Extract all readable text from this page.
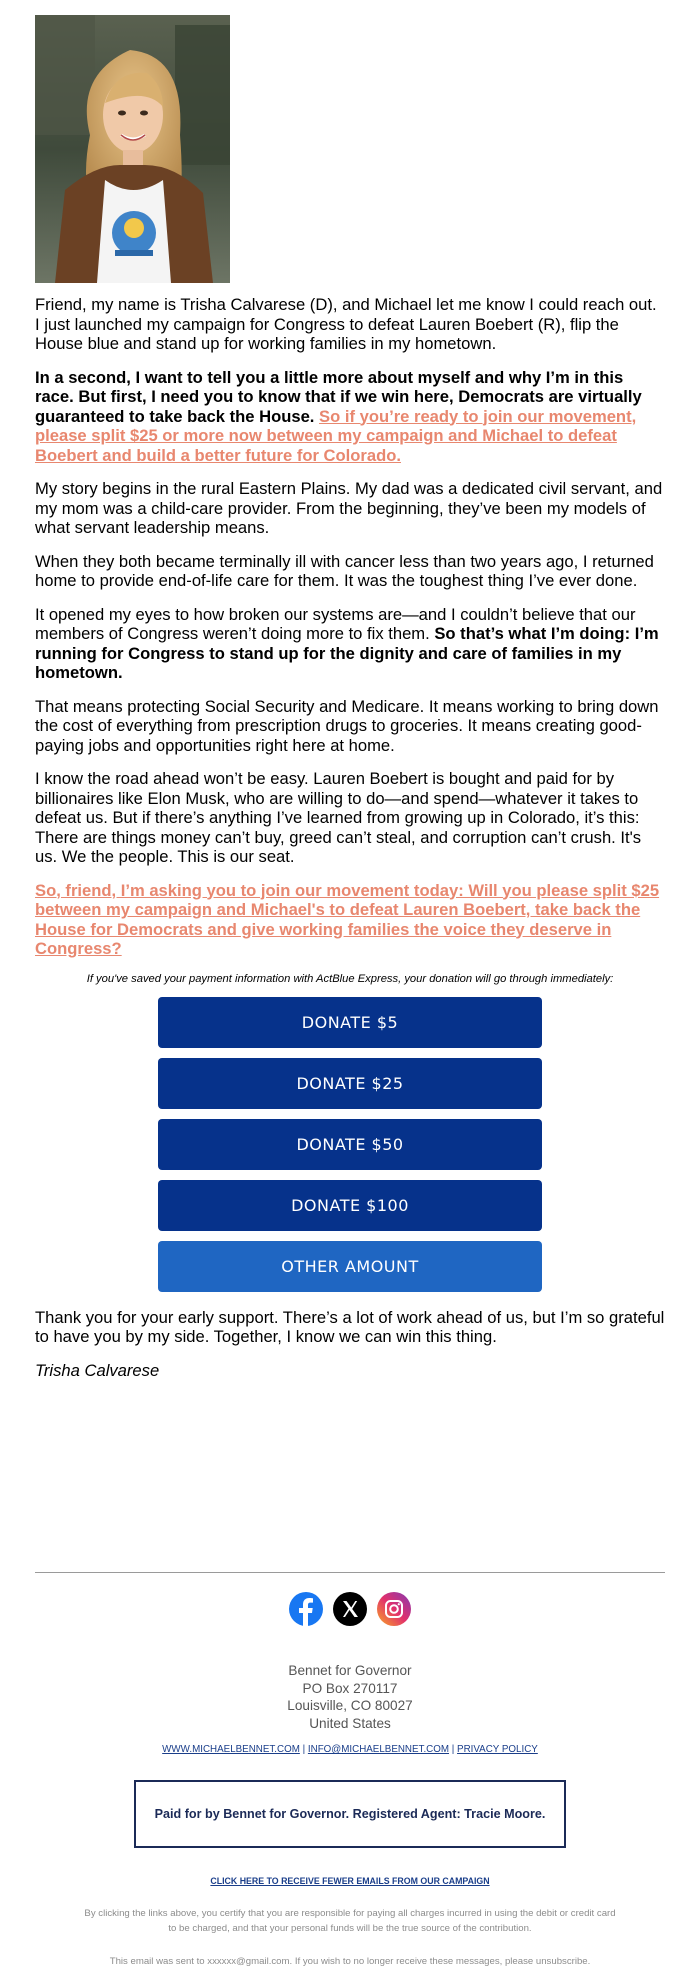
Friend, my name is Trisha Calvarese (D), and Michael let me know I could reach out. I just launched my campaign for Congress to defeat Lauren Boebert (R), flip the House blue and stand up for working families in my hometown.

In a second, I want to tell you a little more about myself and why I’m in this race. But first, I need you to know that if we win here, Democrats are virtually guaranteed to take back the House. So if you’re ready to join our movement, please split $25 or more now between my campaign and Michael to defeat Boebert and build a better future for Colorado.

My story begins in the rural Eastern Plains. My dad was a dedicated civil servant, and my mom was a child-care provider. From the beginning, they’ve been my models of what servant leadership means.

When they both became terminally ill with cancer less than two years ago, I returned home to provide end-of-life care for them. It was the toughest thing I’ve ever done.

It opened my eyes to how broken our systems are—and I couldn’t believe that our members of Congress weren’t doing more to fix them. So that’s what I’m doing: I’m running for Congress to stand up for the dignity and care of families in my hometown.

That means protecting Social Security and Medicare. It means working to bring down the cost of everything from prescription drugs to groceries. It means creating good-paying jobs and opportunities right here at home.

I know the road ahead won’t be easy. Lauren Boebert is bought and paid for by billionaires like Elon Musk, who are willing to do—and spend—whatever it takes to defeat us. But if there’s anything I’ve learned from growing up in Colorado, it’s this: There are things money can’t buy, greed can’t steal, and corruption can’t crush. It's us. We the people. This is our seat.

So, friend, I’m asking you to join our movement today: Will you please split $25 between my campaign and Michael's to defeat Lauren Boebert, take back the House for Democrats and give working families the voice they deserve in Congress?

If you've saved your payment information with ActBlue Express, your donation will go through immediately:

DONATE $5
DONATE $25
DONATE $50
DONATE $100
OTHER AMOUNT

Thank you for your early support. There’s a lot of work ahead of us, but I’m so grateful to have you by my side. Together, I know we can win this thing.

Trisha Calvarese

Bennet for Governor
PO Box 270117
Louisville, CO 80027
United States
WWW.MICHAELBENNET.COM | INFO@MICHAELBENNET.COM | PRIVACY POLICY
Paid for by Bennet for Governor. Registered Agent: Tracie Moore.
CLICK HERE TO RECEIVE FEWER EMAILS FROM OUR CAMPAIGN
By clicking the links above, you certify that you are responsible for paying all charges incurred in using the debit or credit card to be charged, and that your personal funds will be the true source of the contribution.
This email was sent to xxxxxx@gmail.com. If you wish to no longer receive these messages, please unsubscribe.
